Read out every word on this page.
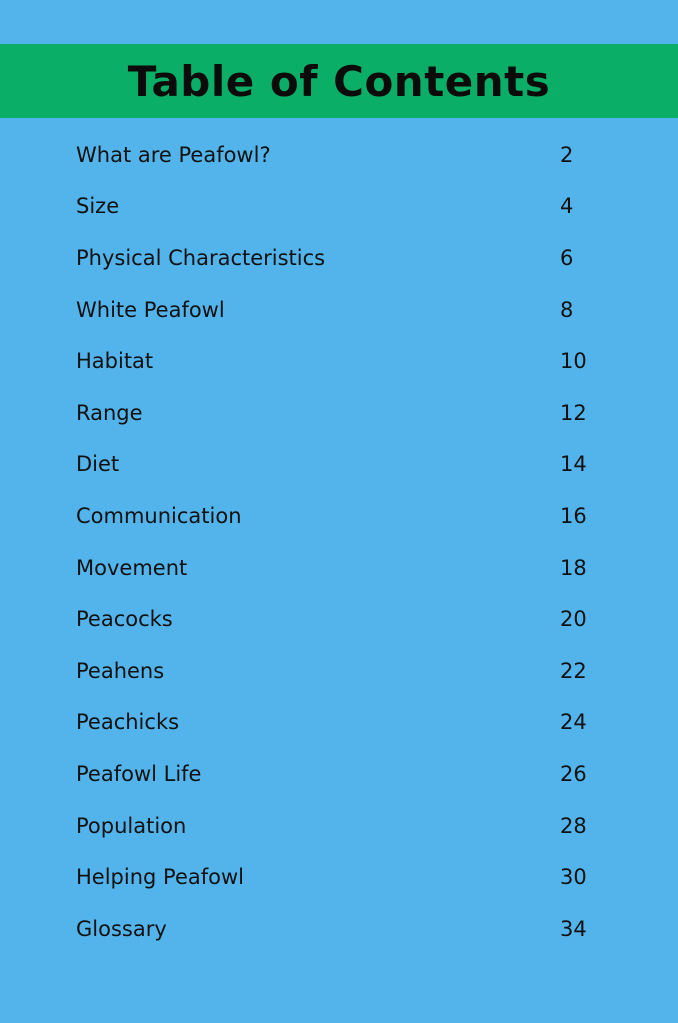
Table of Contents
What are Peafowl?	2
Size	4
Physical Characteristics	6
White Peafowl	8
Habitat	10
Range	12
Diet	14
Communication	16
Movement	18
Peacocks	20
Peahens	22
Peachicks	24
Peafowl Life	26
Population	28
Helping Peafowl	30
Glossary	34
